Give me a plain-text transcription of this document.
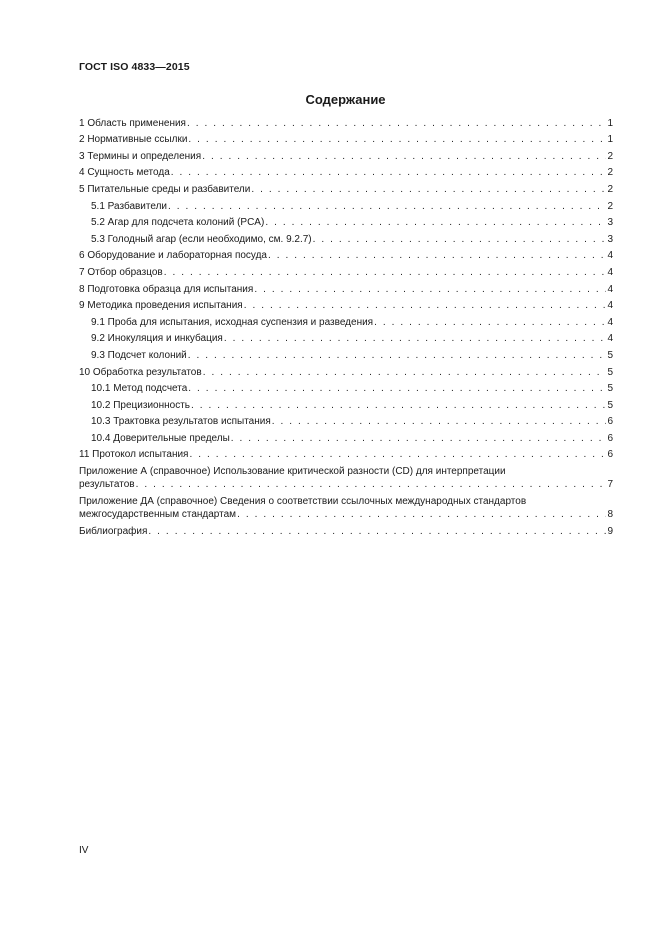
ГОСТ ISO 4833—2015
Содержание
1 Область применения . . .	1
2 Нормативные ссылки . . .	1
3 Термины и определения . . .	2
4 Сущность метода . . .	2
5 Питательные среды и разбавители . . .	2
5.1 Разбавители . . .	2
5.2 Агар для подсчета колоний (PCA) . . .	3
5.3 Голодный агар (если необходимо, см. 9.2.7) . . .	3
6 Оборудование и лабораторная посуда . . .	4
7 Отбор образцов . . .	4
8 Подготовка образца для испытания . . .	4
9 Методика проведения испытания . . .	4
9.1 Проба для испытания, исходная суспензия и разведения . . .	4
9.2 Инокуляция и инкубация . . .	4
9.3 Подсчет колоний . . .	5
10 Обработка результатов . . .	5
10.1 Метод подсчета . . .	5
10.2 Прецизионность . . .	5
10.3 Трактовка результатов испытания . . .	6
10.4 Доверительные пределы . . .	6
11 Протокол испытания . . .	6
Приложение А (справочное) Использование критической разности (CD) для интерпретации
результатов . . .	7
Приложение ДА (справочное) Сведения о соответствии ссылочных международных стандартов
межгосударственным стандартам . . .	8
Библиография . . .	9
IV
